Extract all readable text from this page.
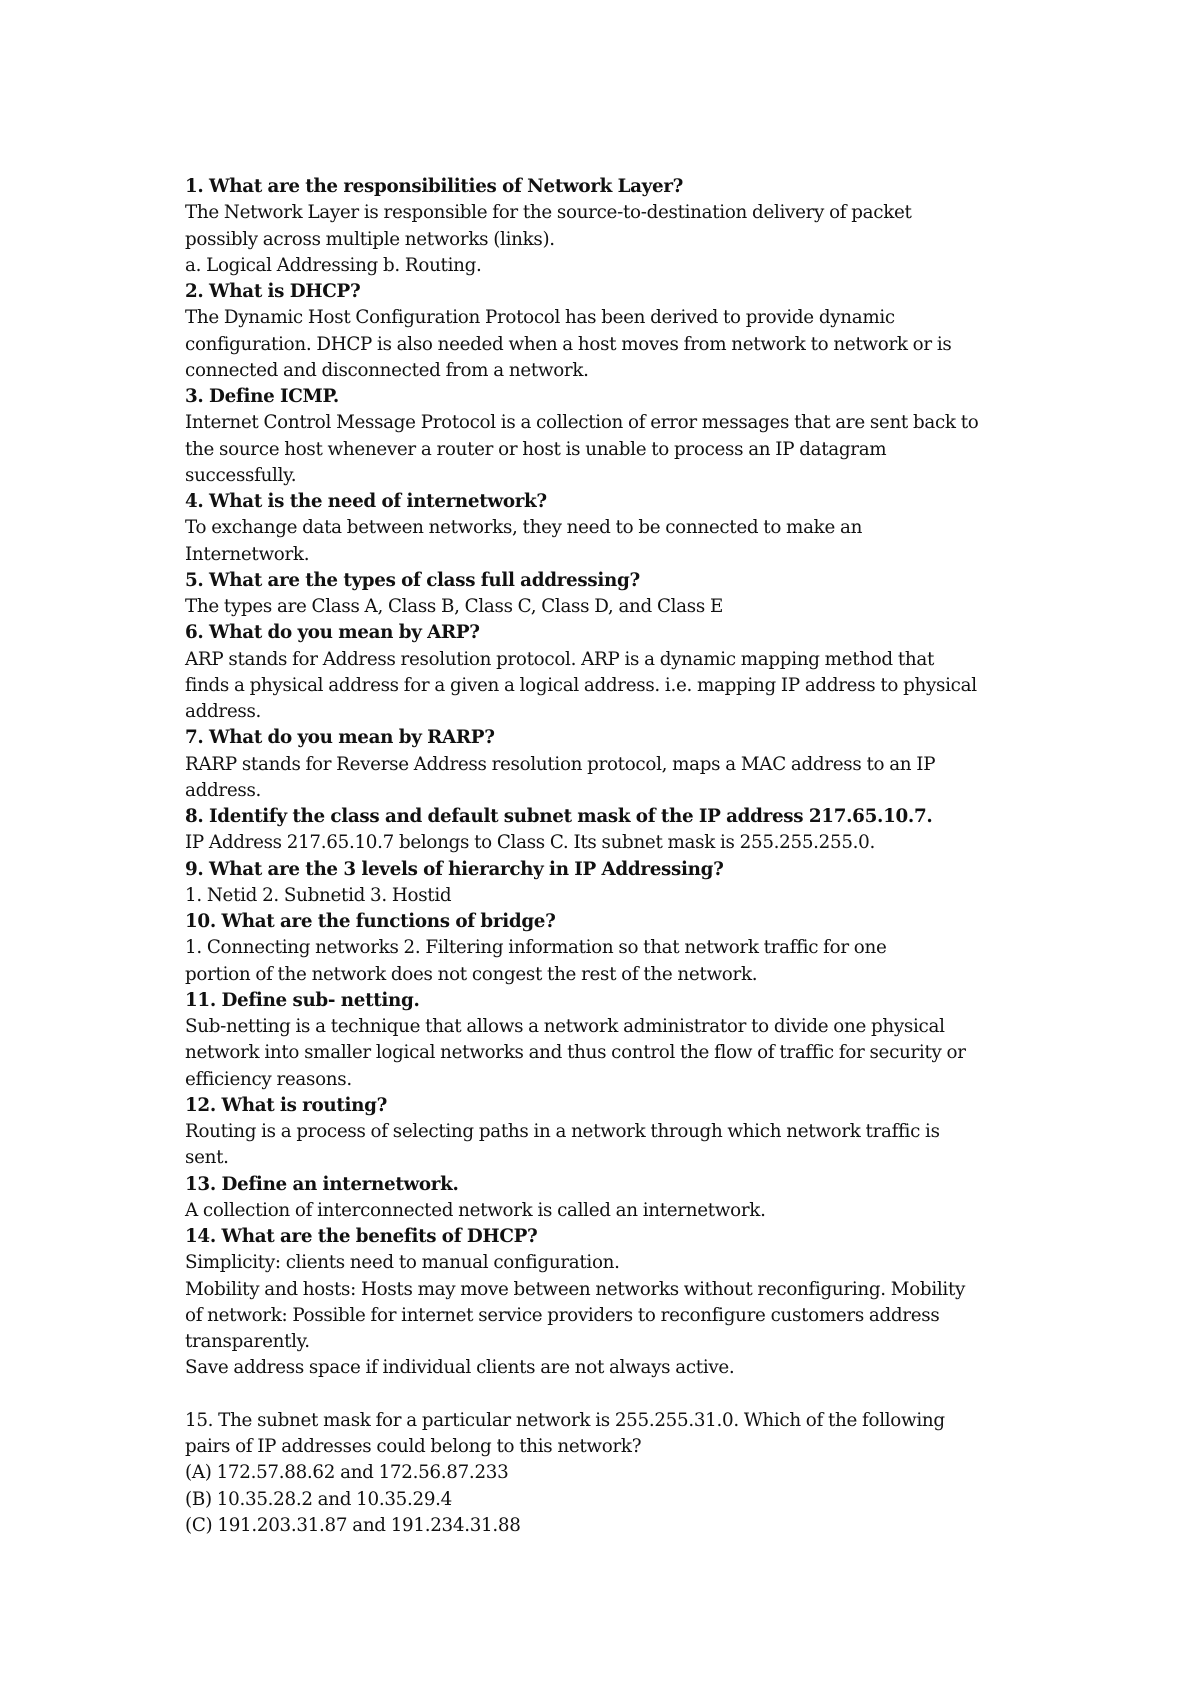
1. What are the responsibilities of Network Layer?

The Network Layer is responsible for the source-to-destination delivery of packet

possibly across multiple networks (links).

a. Logical Addressing b. Routing.

2. What is DHCP?

The Dynamic Host Configuration Protocol has been derived to provide dynamic

configuration. DHCP is also needed when a host moves from network to network or is

connected and disconnected from a network.

3. Define ICMP.

Internet Control Message Protocol is a collection of error messages that are sent back to

the source host whenever a router or host is unable to process an IP datagram

successfully.

4. What is the need of internetwork?

To exchange data between networks, they need to be connected to make an

Internetwork.

5. What are the types of class full addressing?

The types are Class A, Class B, Class C, Class D, and Class E

6. What do you mean by ARP?

ARP stands for Address resolution protocol. ARP is a dynamic mapping method that

finds a physical address for a given a logical address. i.e. mapping IP address to physical

address.

7. What do you mean by RARP?

RARP stands for Reverse Address resolution protocol, maps a MAC address to an IP

address.

8. Identify the class and default subnet mask of the IP address 217.65.10.7.

IP Address 217.65.10.7 belongs to Class C. Its subnet mask is 255.255.255.0.

9. What are the 3 levels of hierarchy in IP Addressing?

1. Netid 2. Subnetid 3. Hostid

10. What are the functions of bridge?

1. Connecting networks 2. Filtering information so that network traffic for one

portion of the network does not congest the rest of the network.

11. Define sub- netting.

Sub-netting is a technique that allows a network administrator to divide one physical

network into smaller logical networks and thus control the flow of traffic for security or

efficiency reasons.

12. What is routing?

Routing is a process of selecting paths in a network through which network traffic is

sent.

13. Define an internetwork.

A collection of interconnected network is called an internetwork.

14. What are the benefits of DHCP?

Simplicity: clients need to manual configuration.

Mobility and hosts: Hosts may move between networks without reconfiguring. Mobility

of network: Possible for internet service providers to reconfigure customers address

transparently.

Save address space if individual clients are not always active.

15. The subnet mask for a particular network is 255.255.31.0. Which of the following

pairs of IP addresses could belong to this network?

(A) 172.57.88.62 and 172.56.87.233

(B) 10.35.28.2 and 10.35.29.4

(C) 191.203.31.87 and 191.234.31.88
